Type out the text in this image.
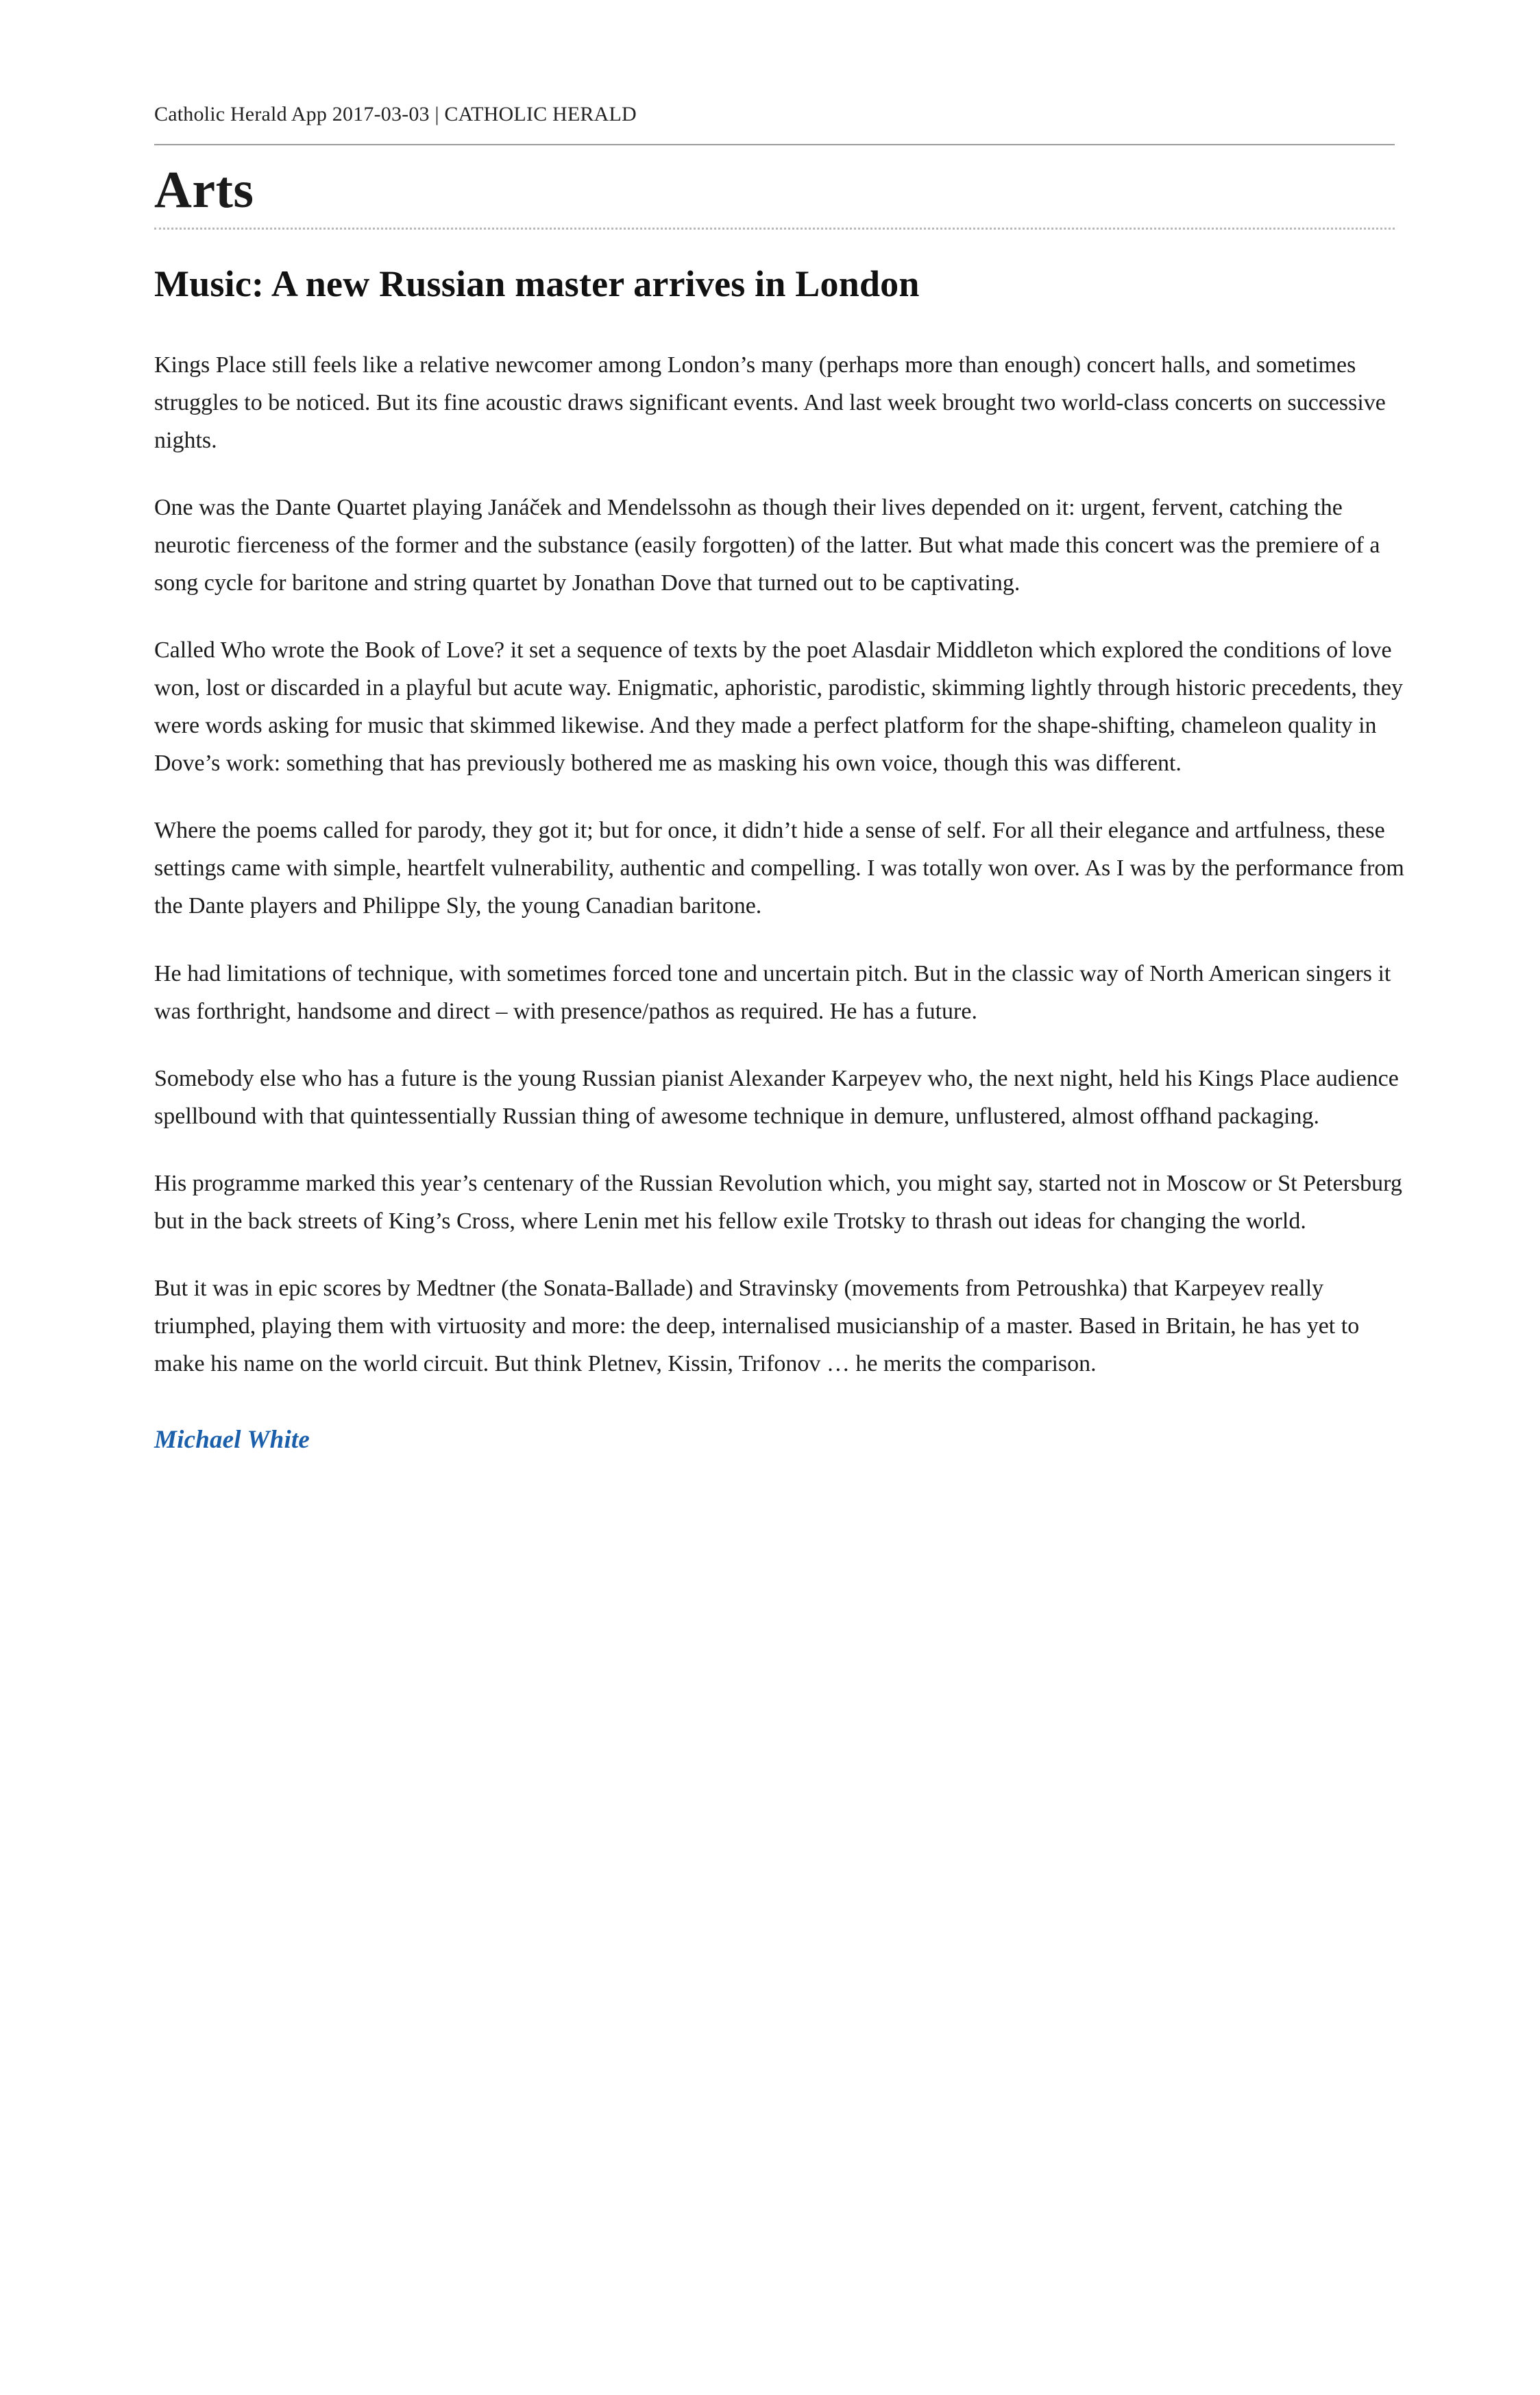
Catholic Herald App 2017-03-03 | CATHOLIC HERALD
Arts
Music: A new Russian master arrives in London

Kings Place still feels like a relative newcomer among London’s many (perhaps more than enough) concert halls, and sometimes struggles to be noticed. But its fine acoustic draws significant events. And last week brought two world-class concerts on successive nights.

One was the Dante Quartet playing Janáček and Mendelssohn as though their lives depended on it: urgent, fervent, catching the neurotic fierceness of the former and the substance (easily forgotten) of the latter. But what made this concert was the premiere of a song cycle for baritone and string quartet by Jonathan Dove that turned out to be captivating.

Called Who wrote the Book of Love? it set a sequence of texts by the poet Alasdair Middleton which explored the conditions of love won, lost or discarded in a playful but acute way. Enigmatic, aphoristic, parodistic, skimming lightly through historic precedents, they were words asking for music that skimmed likewise. And they made a perfect platform for the shape-shifting, chameleon quality in Dove’s work: something that has previously bothered me as masking his own voice, though this was different.

Where the poems called for parody, they got it; but for once, it didn’t hide a sense of self. For all their elegance and artfulness, these settings came with simple, heartfelt vulnerability, authentic and compelling. I was totally won over. As I was by the performance from the Dante players and Philippe Sly, the young Canadian baritone.

He had limitations of technique, with sometimes forced tone and uncertain pitch. But in the classic way of North American singers it was forthright, handsome and direct – with presence/pathos as required. He has a future.

Somebody else who has a future is the young Russian pianist Alexander Karpeyev who, the next night, held his Kings Place audience spellbound with that quintessentially Russian thing of awesome technique in demure, unflustered, almost offhand packaging.

His programme marked this year’s centenary of the Russian Revolution which, you might say, started not in Moscow or St Petersburg but in the back streets of King’s Cross, where Lenin met his fellow exile Trotsky to thrash out ideas for changing the world.

But it was in epic scores by Medtner (the Sonata-Ballade) and Stravinsky (movements from Petroushka) that Karpeyev really triumphed, playing them with virtuosity and more: the deep, internalised musicianship of a master. Based in Britain, he has yet to make his name on the world circuit. But think Pletnev, Kissin, Trifonov … he merits the comparison.

Michael White
